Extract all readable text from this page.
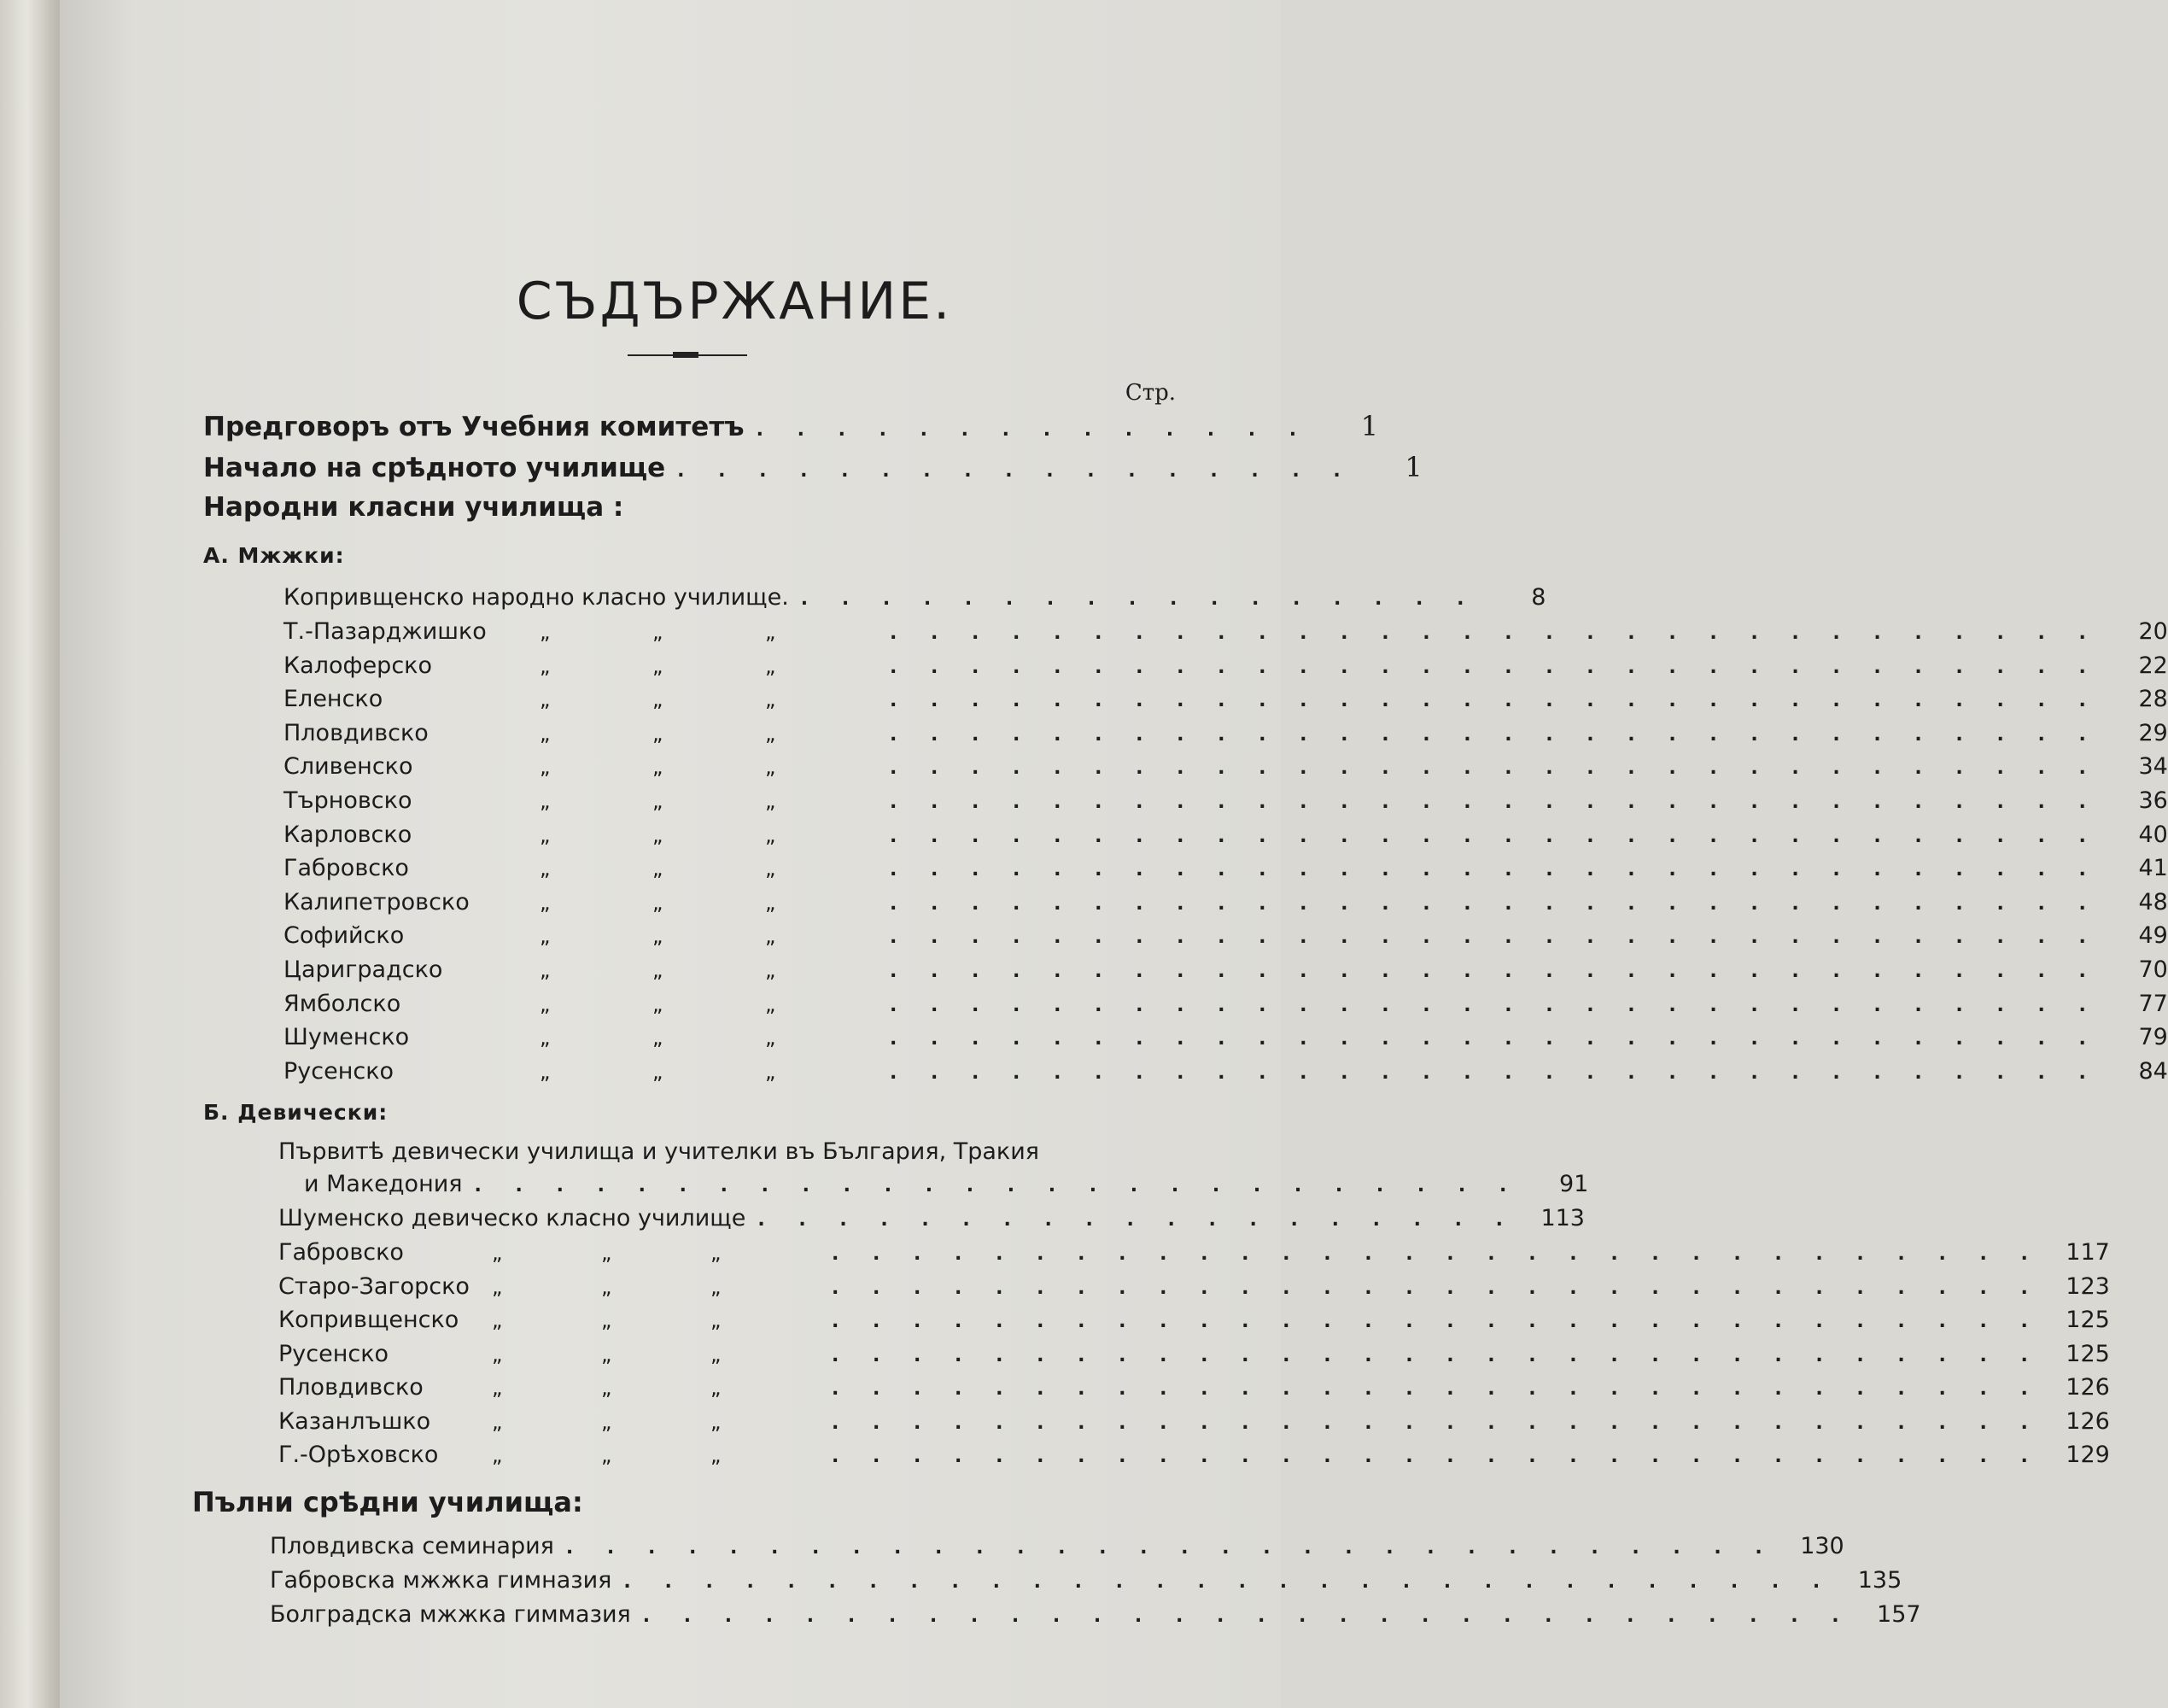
СЪДЪРЖАНИЕ.
Стр.
Предговоръ отъ Учебния комитетъ . . . . . . . . . . . . . .	1
Начало на срѣдното училище . . . . . . . . . . . . . . . . .	1
Народни класни училища :
А. Мжжки:
Копривщенско народно класно училище. . . . . . . . . . . . . . . . . .	8
Т.-Пазарджишко	„	„	„	. . . . . . . . . . . . . . . . . . . . . . . . . . . . . .	20
Калоферско	„	„	„	. . . . . . . . . . . . . . . . . . . . . . . . . . . . . .	22
Еленско	„	„	„	. . . . . . . . . . . . . . . . . . . . . . . . . . . . . .	28
Пловдивско	„	„	„	. . . . . . . . . . . . . . . . . . . . . . . . . . . . . .	29
Сливенско	„	„	„	. . . . . . . . . . . . . . . . . . . . . . . . . . . . . .	34
Търновско	„	„	„	. . . . . . . . . . . . . . . . . . . . . . . . . . . . . .	36
Карловско	„	„	„	. . . . . . . . . . . . . . . . . . . . . . . . . . . . . .	40
Габровско	„	„	„	. . . . . . . . . . . . . . . . . . . . . . . . . . . . . .	41
Калипетровско	„	„	„	. . . . . . . . . . . . . . . . . . . . . . . . . . . . . .	48
Софийско	„	„	„	. . . . . . . . . . . . . . . . . . . . . . . . . . . . . .	49
Цариградско	„	„	„	. . . . . . . . . . . . . . . . . . . . . . . . . . . . . .	70
Ямболско	„	„	„	. . . . . . . . . . . . . . . . . . . . . . . . . . . . . .	77
Шуменско	„	„	„	. . . . . . . . . . . . . . . . . . . . . . . . . . . . . .	79
Русенско	„	„	„	. . . . . . . . . . . . . . . . . . . . . . . . . . . . . .	84
Б. Девически:
Първитѣ девически училища и учителки въ България, Тракия
и Македония . . . . . . . . . . . . . . . . . . . . . . . . . .	91
Шуменско девическо класно училище . . . . . . . . . . . . . . . . . . .	113
Габровско	„	„	„	. . . . . . . . . . . . . . . . . . . . . . . . . . . . . .	117
Старо-Загорско	„	„	„	. . . . . . . . . . . . . . . . . . . . . . . . . . . . . .	123
Копривщенско	„	„	„	. . . . . . . . . . . . . . . . . . . . . . . . . . . . . .	125
Русенско	„	„	„	. . . . . . . . . . . . . . . . . . . . . . . . . . . . . .	125
Пловдивско	„	„	„	. . . . . . . . . . . . . . . . . . . . . . . . . . . . . .	126
Казанлъшко	„	„	„	. . . . . . . . . . . . . . . . . . . . . . . . . . . . . .	126
Г.-Орѣховско	„	„	„	. . . . . . . . . . . . . . . . . . . . . . . . . . . . . .	129
Пълни срѣдни училища:
Пловдивска семинария . . . . . . . . . . . . . . . . . . . . . . . . . . . . . .	130
Габровска мжжка гимназия . . . . . . . . . . . . . . . . . . . . . . . . . . . . . .	135
Болградска мжжка гиммазия . . . . . . . . . . . . . . . . . . . . . . . . . . . . . .	157
